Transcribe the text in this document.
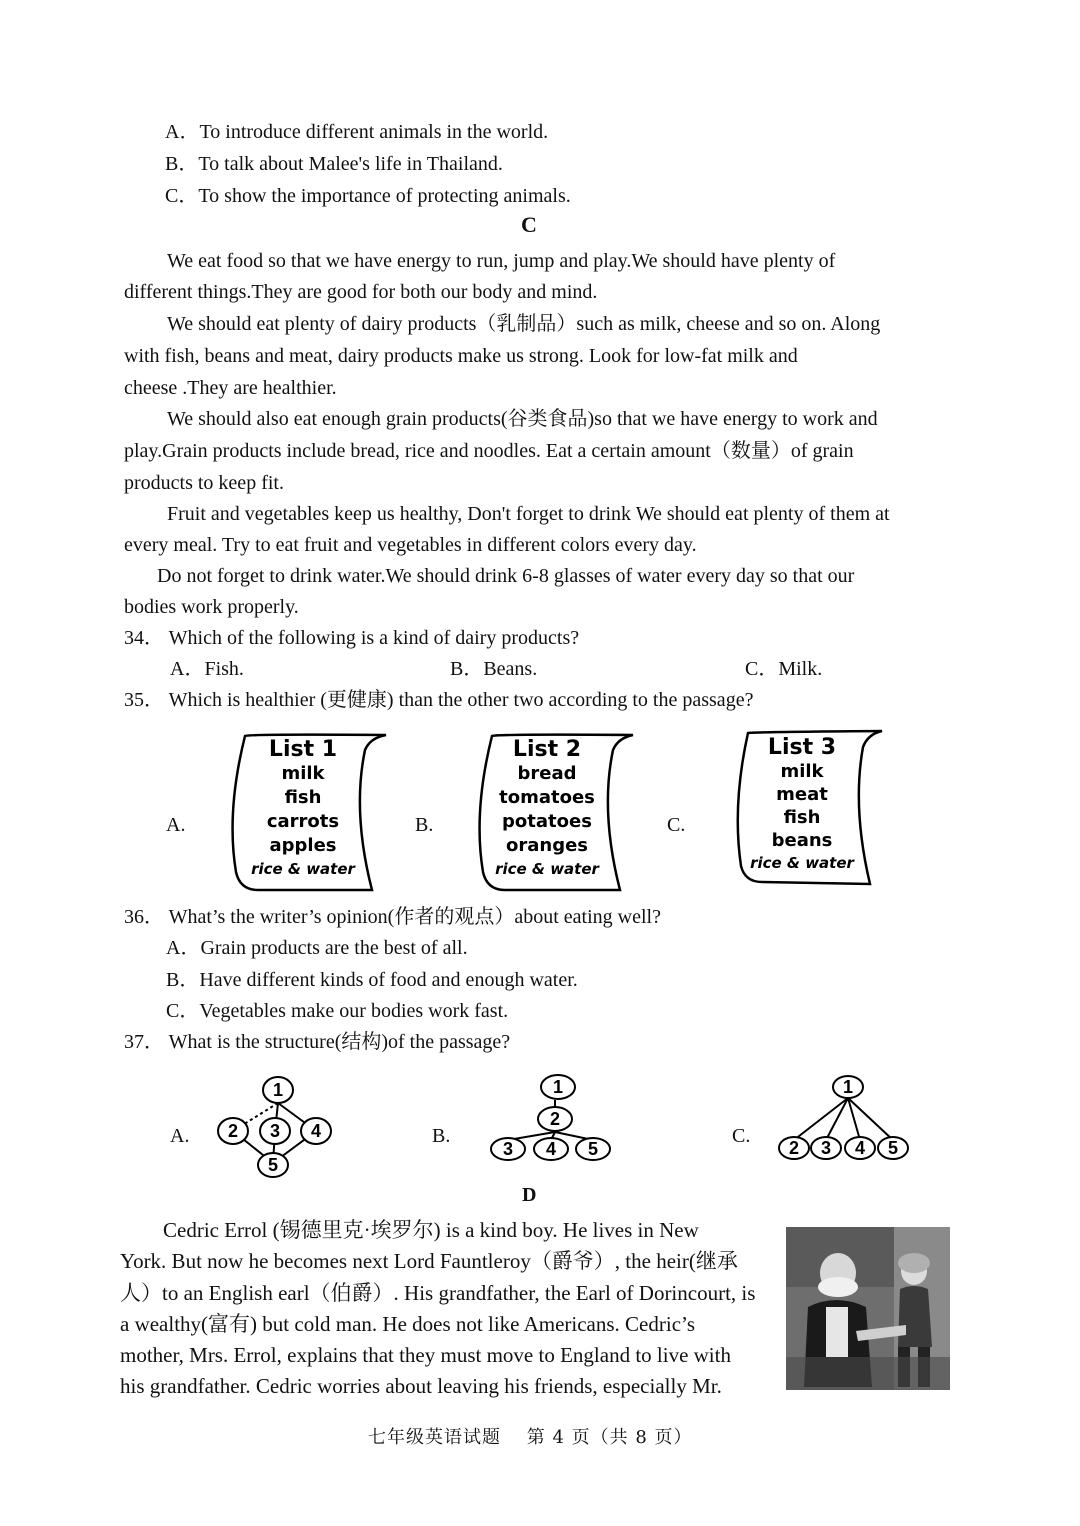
A．To introduce different animals in the world.
B．To talk about Malee's life in Thailand.
C．To show the importance of protecting animals.
C
We eat food so that we have energy to run, jump and play.We should have plenty of
different things.They are good for both our body and mind.
We should eat plenty of dairy products（乳制品）such as milk, cheese and so on. Along
with fish, beans and meat, dairy products make us strong. Look for low-fat milk and
cheese .They are healthier.
We should also eat enough grain products(谷类食品)so that we have energy to work and
play.Grain products include bread, rice and noodles. Eat a certain amount（数量）of grain
products to keep fit.
Fruit and vegetables keep us healthy, Don't forget to drink We should eat plenty of them at
every meal. Try to eat fruit and vegetables in different colors every day.
Do not forget to drink water.We should drink 6-8 glasses of water every day so that our
bodies work properly.
34． Which of the following is a kind of dairy products?
A．Fish.	B．Beans.	C．Milk.
35． Which is healthier (更健康) than the other two according to the passage?
A.	B.	C.
List 1
milk
fish
carrots
apples
rice & water
List 2
bread
tomatoes
potatoes
oranges
rice & water
List 3
milk
meat
fish
beans
rice & water
36． What’s the writer’s opinion(作者的观点）about eating well?
A．Grain products are the best of all.
B．Have different kinds of food and enough water.
C．Vegetables make our bodies work fast.
37． What is the structure(结构)of the passage?
A.	B.	C.
1
2 3 4
5
1
2
3 4 5
1
2 3 4 5
D
Cedric Errol (锡德里克·埃罗尔) is a kind boy. He lives in New
York. But now he becomes next Lord Fauntleroy（爵爷）, the heir(继承
人）to an English earl（伯爵）. His grandfather, the Earl of Dorincourt, is
a wealthy(富有) but cold man. He does not like Americans. Cedric’s
mother, Mrs. Errol, explains that they must move to England to live with
his grandfather. Cedric worries about leaving his friends, especially Mr.
七年级英语试题　 第 4 页（共 8 页）
